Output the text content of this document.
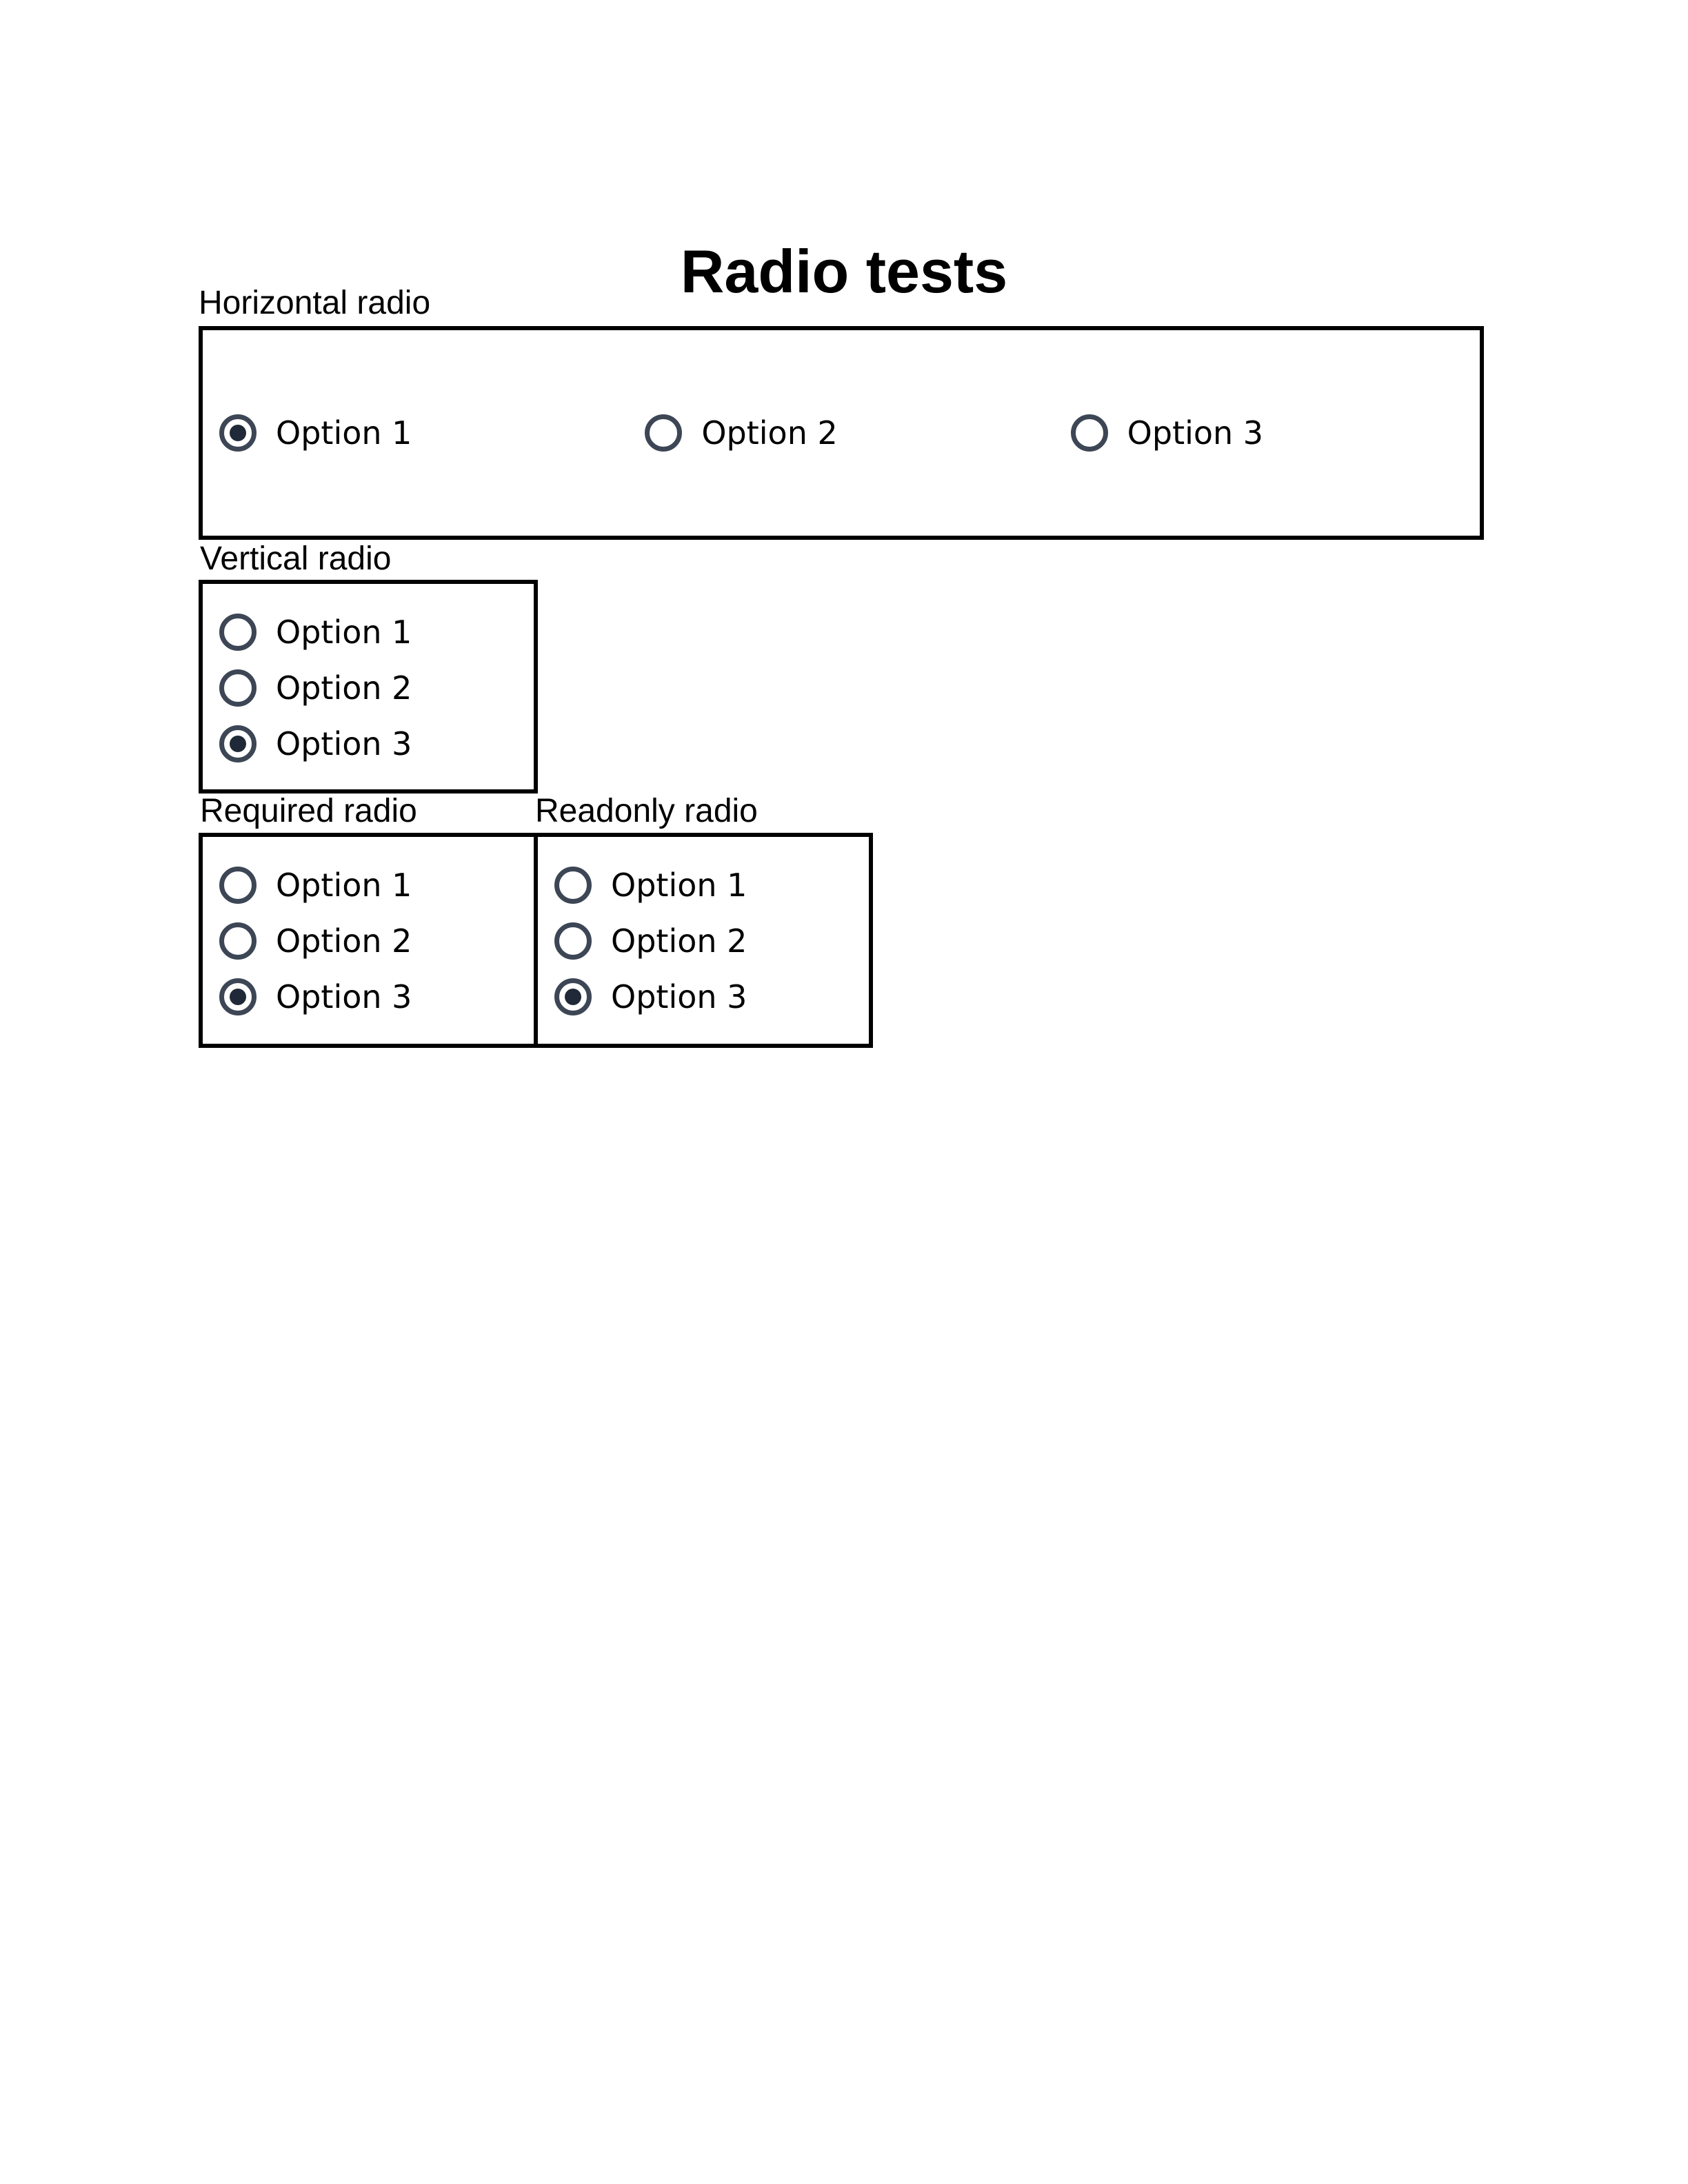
Radio tests
Horizontal radio
Option 1	Option 2	Option 3
Vertical radio
Option 1
Option 2
Option 3
Required radio
Option 1
Option 2
Option 3
Readonly radio
Option 1
Option 2
Option 3
